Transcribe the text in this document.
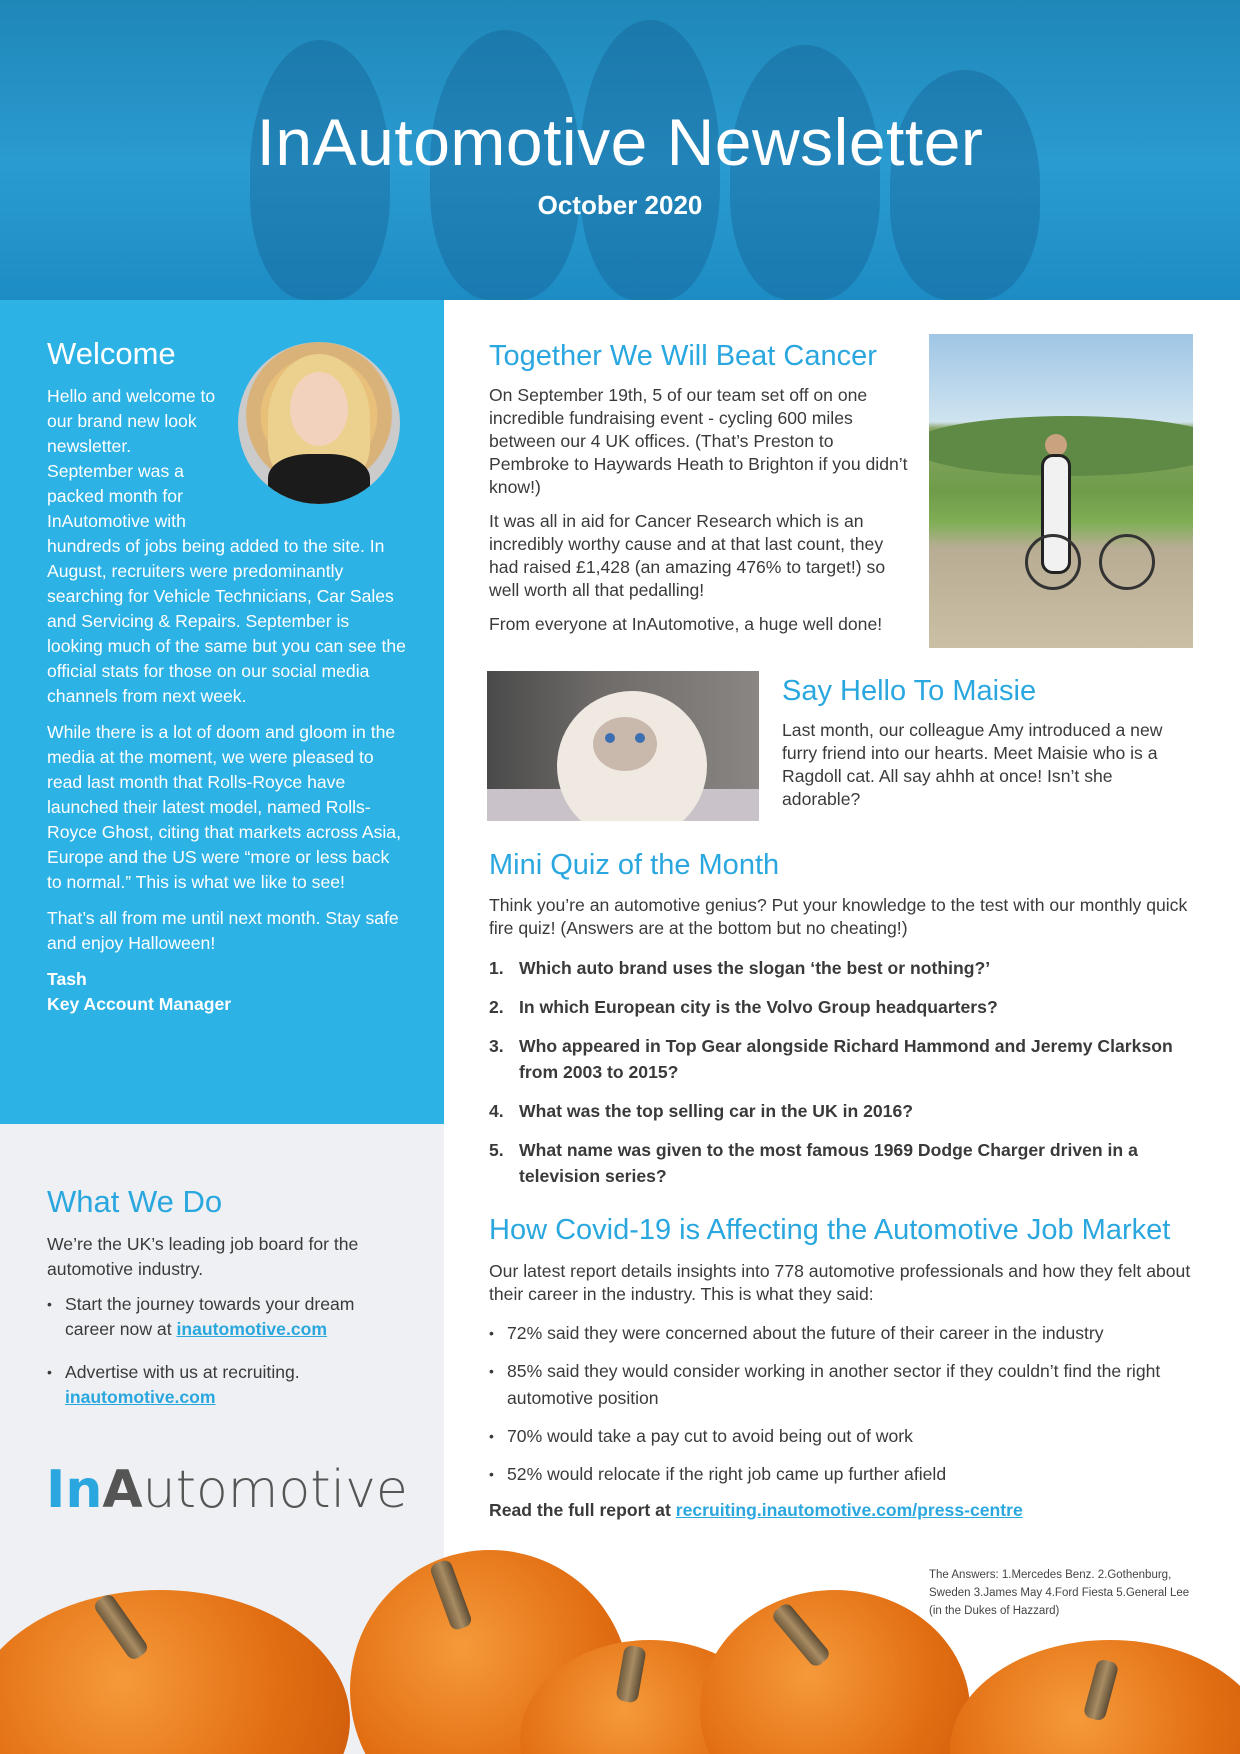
InAutomotive Newsletter
October 2020
Welcome

Hello and welcome to our brand new look newsletter. September was a packed month for InAutomotive with hundreds of jobs being added to the site. In August, recruiters were predominantly searching for Vehicle Technicians, Car Sales and Servicing & Repairs. September is looking much of the same but you can see the official stats for those on our social media channels from next week.

While there is a lot of doom and gloom in the media at the moment, we were pleased to read last month that Rolls-Royce have launched their latest model, named Rolls-Royce Ghost, citing that markets across Asia, Europe and the US were “more or less back to normal.” This is what we like to see!

That’s all from me until next month. Stay safe and enjoy Halloween!

Tash
Key Account Manager
What We Do
We’re the UK’s leading job board for the automotive industry.
• Start the journey towards your dream career now at inautomotive.com
• Advertise with us at recruiting.
inautomotive.com
InAutomotive
Together We Will Beat Cancer

On September 19th, 5 of our team set off on one incredible fundraising event - cycling 600 miles between our 4 UK offices. (That’s Preston to Pembroke to Haywards Heath to Brighton if you didn’t know!)

It was all in aid for Cancer Research which is an incredibly worthy cause and at that last count, they had raised £1,428 (an amazing 476% to target!) so well worth all that pedalling!

From everyone at InAutomotive, a huge well done!

Say Hello To Maisie
Last month, our colleague Amy introduced a new furry friend into our hearts. Meet Maisie who is a Ragdoll cat. All say ahhh at once! Isn’t she adorable?
Mini Quiz of the Month
Think you’re an automotive genius? Put your knowledge to the test with our monthly quick fire quiz! (Answers are at the bottom but no cheating!)
1. Which auto brand uses the slogan ‘the best or nothing?’
2. In which European city is the Volvo Group headquarters?
3. Who appeared in Top Gear alongside Richard Hammond and Jeremy Clarkson from 2003 to 2015?
4. What was the top selling car in the UK in 2016?
5. What name was given to the most famous 1969 Dodge Charger driven in a television series?
How Covid-19 is Affecting the Automotive Job Market
Our latest report details insights into 778 automotive professionals and how they felt about their career in the industry. This is what they said:
• 72% said they were concerned about the future of their career in the industry
• 85% said they would consider working in another sector if they couldn’t find the right automotive position
• 70% would take a pay cut to avoid being out of work
• 52% would relocate if the right job came up further afield
Read the full report at recruiting.inautomotive.com/press-centre
The Answers: 1.Mercedes Benz. 2.Gothenburg, Sweden 3.James May 4.Ford Fiesta 5.General Lee (in the Dukes of Hazzard)
